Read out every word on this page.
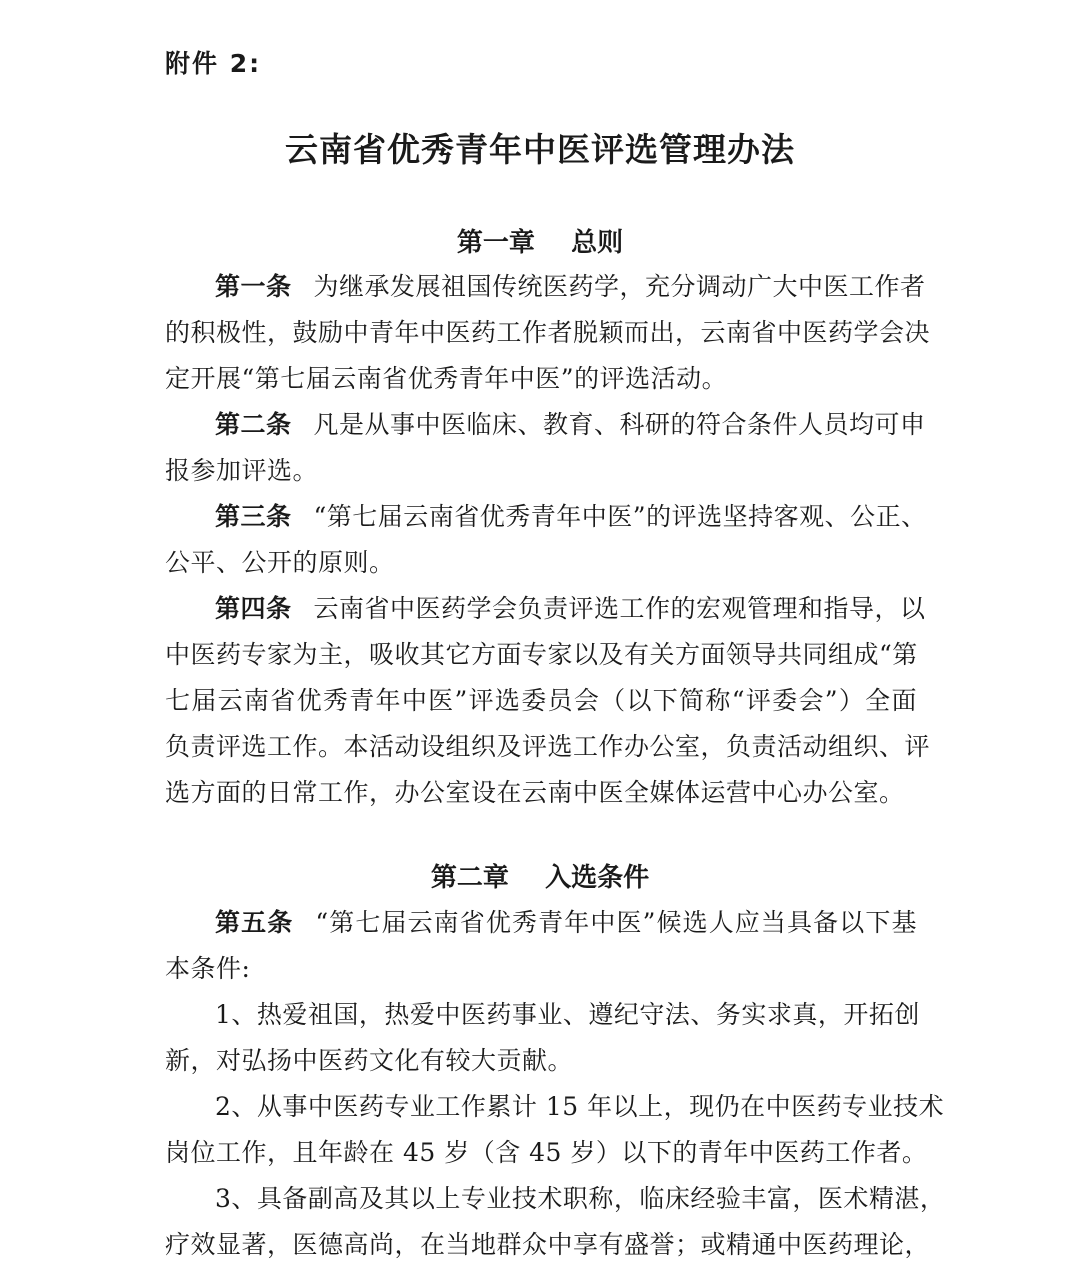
附件 2:
云南省优秀青年中医评选管理办法
第一章    总则
第一条 为继承发展祖国传统医药学，充分调动广大中医工作者
的积极性，鼓励中青年中医药工作者脱颖而出，云南省中医药学会决
定开展“第七届云南省优秀青年中医”的评选活动。
第二条 凡是从事中医临床、教育、科研的符合条件人员均可申
报参加评选。
第三条 “第七届云南省优秀青年中医”的评选坚持客观、公正、
公平、公开的原则。
第四条 云南省中医药学会负责评选工作的宏观管理和指导，以
中医药专家为主，吸收其它方面专家以及有关方面领导共同组成“第
七届云南省优秀青年中医”评选委员会（以下简称“评委会”）全面
负责评选工作。本活动设组织及评选工作办公室，负责活动组织、评
选方面的日常工作，办公室设在云南中医全媒体运营中心办公室。
第二章    入选条件
第五条 “第七届云南省优秀青年中医”候选人应当具备以下基
本条件:
1、热爱祖国，热爱中医药事业、遵纪守法、务实求真，开拓创
新，对弘扬中医药文化有较大贡献。
2、从事中医药专业工作累计 15 年以上，现仍在中医药专业技术
岗位工作，且年龄在 45 岁（含 45 岁）以下的青年中医药工作者。
3、具备副高及其以上专业技术职称，临床经验丰富，医术精湛，
疗效显著，医德高尚，在当地群众中享有盛誉；或精通中医药理论，
